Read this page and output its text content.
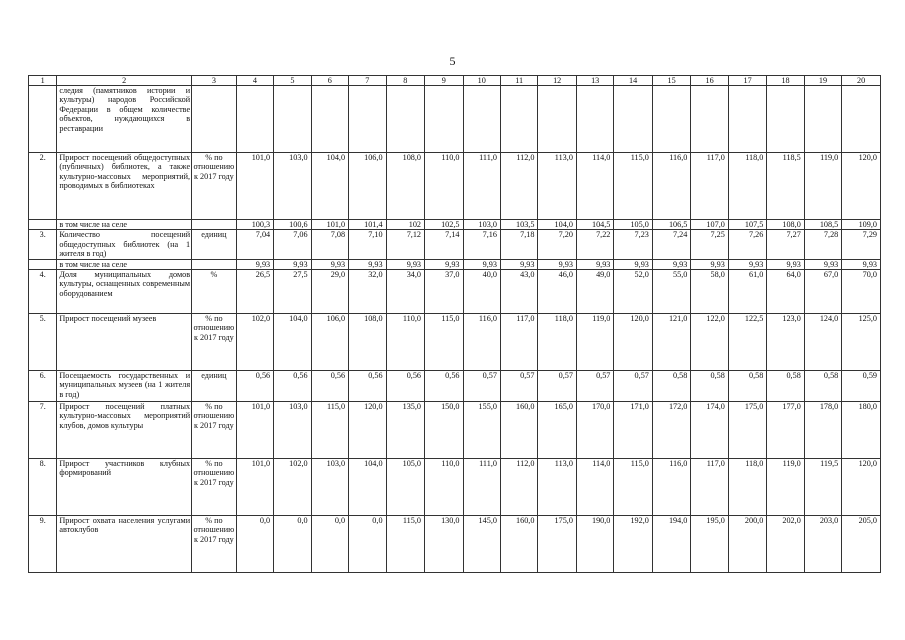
5
1	2	3	4	5	6	7	8	9	10	11	12	13	14	15	16	17	18	19	20
	следия (памятников истории и культуры) народов Российской Федерации в общем количестве объектов, нуждающихся в реставрации																		
2.	Прирост посещений общедоступных (публичных) библиотек, а также культурно-массовых мероприятий, проводимых в библиотеках	% по отношению к 2017 году	101,0	103,0	104,0	106,0	108,0	110,0	111,0	112,0	113,0	114,0	115,0	116,0	117,0	118,0	118,5	119,0	120,0
	в том числе на селе		100,3	100,6	101,0	101,4	102	102,5	103,0	103,5	104,0	104,5	105,0	106,5	107,0	107,5	108,0	108,5	109,0
3.	Количество посещений общедоступных библиотек (на 1 жителя в год)	единиц	7,04	7,06	7,08	7,10	7,12	7,14	7,16	7,18	7,20	7,22	7,23	7,24	7,25	7,26	7,27	7,28	7,29
	в том числе на селе		9,93	9,93	9,93	9,93	9,93	9,93	9,93	9,93	9,93	9,93	9,93	9,93	9,93	9,93	9,93	9,93	9,93
4.	Доля муниципальных домов культуры, оснащенных современным оборудованием	%	26,5	27,5	29,0	32,0	34,0	37,0	40,0	43,0	46,0	49,0	52,0	55,0	58,0	61,0	64,0	67,0	70,0
5.	Прирост посещений музеев	% по отношению к 2017 году	102,0	104,0	106,0	108,0	110,0	115,0	116,0	117,0	118,0	119,0	120,0	121,0	122,0	122,5	123,0	124,0	125,0
6.	Посещаемость государственных и муниципальных музеев (на 1 жителя в год)	единиц	0,56	0,56	0,56	0,56	0,56	0,56	0,57	0,57	0,57	0,57	0,57	0,58	0,58	0,58	0,58	0,58	0,59
7.	Прирост посещений платных культурно-массовых мероприятий клубов, домов культуры	% по отношению к 2017 году	101,0	103,0	115,0	120,0	135,0	150,0	155,0	160,0	165,0	170,0	171,0	172,0	174,0	175,0	177,0	178,0	180,0
8.	Прирост участников клубных формирований	% по отношению к 2017 году	101,0	102,0	103,0	104,0	105,0	110,0	111,0	112,0	113,0	114,0	115,0	116,0	117,0	118,0	119,0	119,5	120,0
9.	Прирост охвата населения услугами автоклубов	% по отношению к 2017 году	0,0	0,0	0,0	0,0	115,0	130,0	145,0	160,0	175,0	190,0	192,0	194,0	195,0	200,0	202,0	203,0	205,0
